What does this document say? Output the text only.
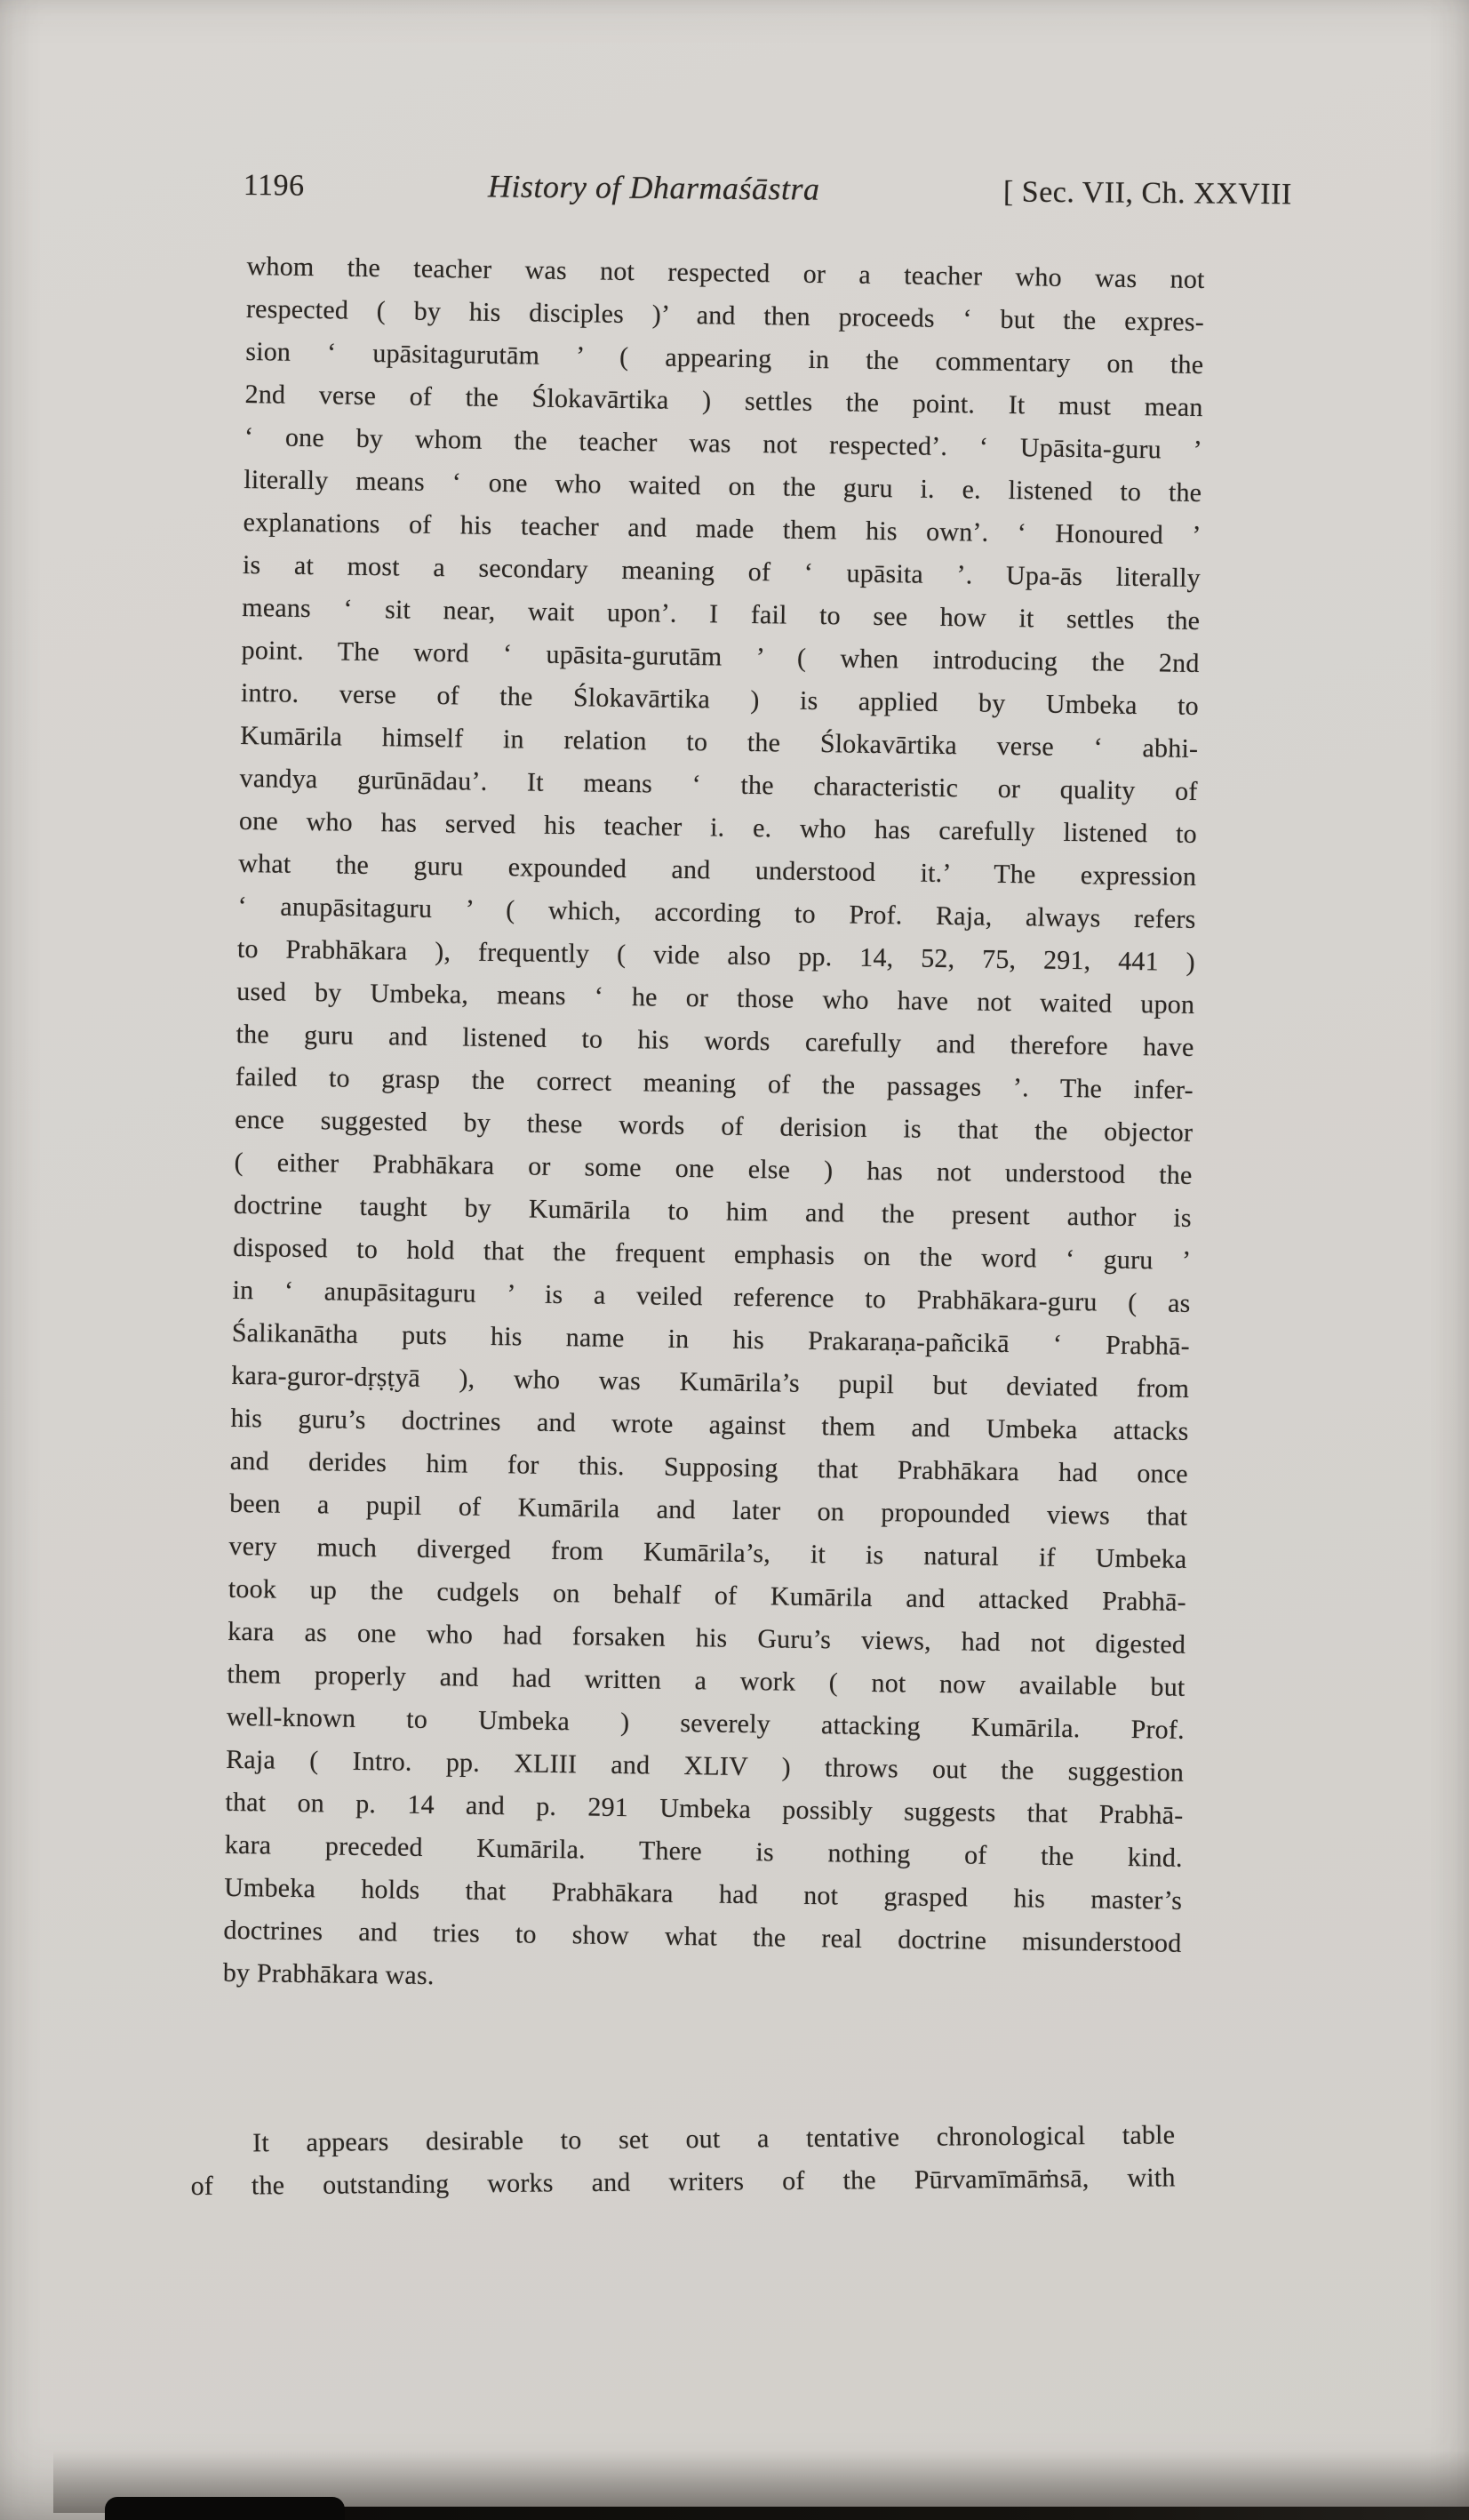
1196	History of Dharmaśāstra	[ Sec. VII, Ch. XXVIII
whom the teacher was not respected or a teacher who was not
respected ( by his disciples )’ and then proceeds ‘ but the expres-
sion ‘ upāsitagurutām ’ ( appearing in the commentary on the
2nd verse of the Ślokavārtika ) settles the point. It must mean
‘ one by whom the teacher was not respected’. ‘ Upāsita-guru ’
literally means ‘ one who waited on the guru i. e. listened to the
explanations of his teacher and made them his own’. ‘ Honoured ’
is at most a secondary meaning of ‘ upāsita ’. Upa-ās literally
means ‘ sit near, wait upon’. I fail to see how it settles the
point. The word ‘ upāsita-gurutām ’ ( when introducing the 2nd
intro. verse of the Ślokavārtika ) is applied by Umbeka to
Kumārila himself in relation to the Ślokavārtika verse ‘ abhi-
vandya gurūnādau’. It means ‘ the characteristic or quality of
one who has served his teacher i. e. who has carefully listened to
what the guru expounded and understood it.’ The expression
‘ anupāsitaguru ’ ( which, according to Prof. Raja, always refers
to Prabhākara ), frequently ( vide also pp. 14, 52, 75, 291, 441 )
used by Umbeka, means ‘ he or those who have not waited upon
the guru and listened to his words carefully and therefore have
failed to grasp the correct meaning of the passages ’. The infer-
ence suggested by these words of derision is that the objector
( either Prabhākara or some one else ) has not understood the
doctrine taught by Kumārila to him and the present author is
disposed to hold that the frequent emphasis on the word ‘ guru ’
in ‘ anupāsitaguru ’ is a veiled reference to Prabhākara-guru ( as
Śalikanātha puts his name in his Prakaraṇa-pañcikā ‘ Prabhā-
kara-guror-dṛṣṭyā ), who was Kumārila’s pupil but deviated from
his guru’s doctrines and wrote against them and Umbeka attacks
and derides him for this. Supposing that Prabhākara had once
been a pupil of Kumārila and later on propounded views that
very much diverged from Kumārila’s, it is natural if Umbeka
took up the cudgels on behalf of Kumārila and attacked Prabhā-
kara as one who had forsaken his Guru’s views, had not digested
them properly and had written a work ( not now available but
well-known to Umbeka ) severely attacking Kumārila. Prof.
Raja ( Intro. pp. XLIII and XLIV ) throws out the suggestion
that on p. 14 and p. 291 Umbeka possibly suggests that Prabhā-
kara preceded Kumārila. There is nothing of the kind.
Umbeka holds that Prabhākara had not grasped his master’s
doctrines and tries to show what the real doctrine misunderstood
by Prabhākara was.
It appears desirable to set out a tentative chronological table
of the outstanding works and writers of the Pūrvamīmāṁsā, with
